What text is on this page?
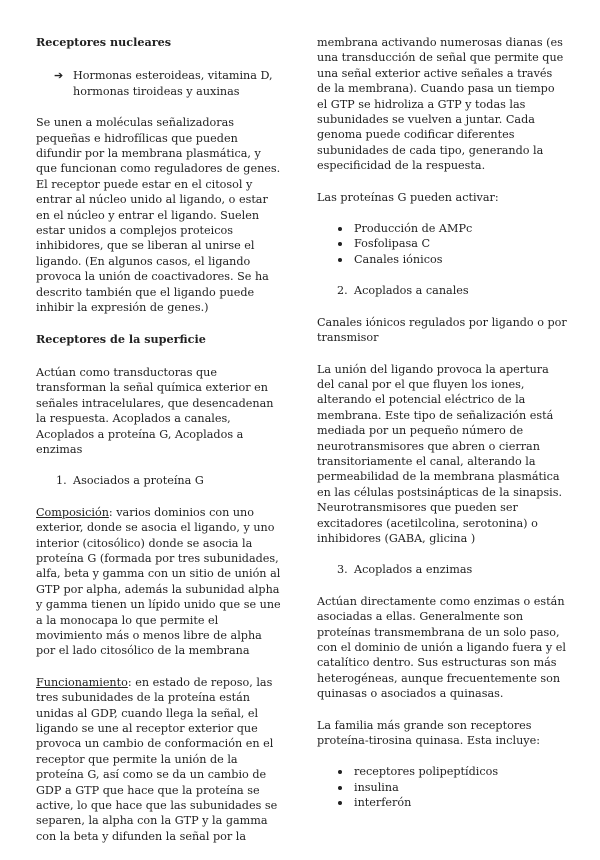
Receptores nucleares

➔ Hormonas esteroideas, vitamina D, hormonas tiroideas y auxinas

Se unen a moléculas señalizadoras pequeñas e hidrofílicas que pueden difundir por la membrana plasmática, y que funcionan como reguladores de genes. El receptor puede estar en el citosol y entrar al núcleo unido al ligando, o estar en el núcleo y entrar el ligando. Suelen estar unidos a complejos proteicos inhibidores, que se liberan al unirse el ligando. (En algunos casos, el ligando provoca la unión de coactivadores. Se ha descrito también que el ligando puede inhibir la expresión de genes.)

Receptores de la superficie

Actúan como transductoras que transforman la señal química exterior en señales intracelulares, que desencadenan la respuesta. Acoplados a canales, Acoplados a proteína G, Acoplados a enzimas

1. Asociados a proteína G

Composición: varios dominios con uno exterior, donde se asocia el ligando, y uno interior (citosólico) donde se asocia la proteína G (formada por tres subunidades, alfa, beta y gamma con un sitio de unión al GTP por alpha, además la subunidad alpha y gamma tienen un lípido unido que se une a la monocapa lo que permite el movimiento más o menos libre de alpha por el lado citosólico de la membrana

Funcionamiento: en estado de reposo, las tres subunidades de la proteína están unidas al GDP, cuando llega la señal, el ligando se une al receptor exterior que provoca un cambio de conformación en el receptor que permite la unión de la proteína G, así como se da un cambio de GDP a GTP que hace que la proteína se active, lo que hace que las subunidades se separen, la alpha con la GTP y la gamma con la beta y difunden la señal por la

membrana activando numerosas dianas (es una transducción de señal que permite que una señal exterior active señales a través de la membrana). Cuando pasa un tiempo el GTP se hidroliza a GTP y todas las subunidades se vuelven a juntar. Cada genoma puede codificar diferentes subunidades de cada tipo, generando la especificidad de la respuesta.

Las proteínas G pueden activar:

Producción de AMPc
Fosfolipasa C
Canales iónicos
2. Acoplados a canales

Canales iónicos regulados por ligando o por transmisor

La unión del ligando provoca la apertura del canal por el que fluyen los iones, alterando el potencial eléctrico de la membrana. Este tipo de señalización está mediada por un pequeño número de neurotransmisores que abren o cierran transitoriamente el canal, alterando la permeabilidad de la membrana plasmática en las células postsinápticas de la sinapsis. Neurotransmisores que pueden ser excitadores (acetilcolina, serotonina) o inhibidores (GABA, glicina )

3. Acoplados a enzimas

Actúan directamente como enzimas o están asociadas a ellas. Generalmente son proteínas transmembrana de un solo paso, con el dominio de unión a ligando fuera y el catalítico dentro. Sus estructuras son más heterogéneas, aunque frecuentemente son quinasas o asociados a quinasas.

La familia más grande son receptores proteína-tirosina quinasa. Esta incluye:

receptores polipeptídicos
insulina
interferón
